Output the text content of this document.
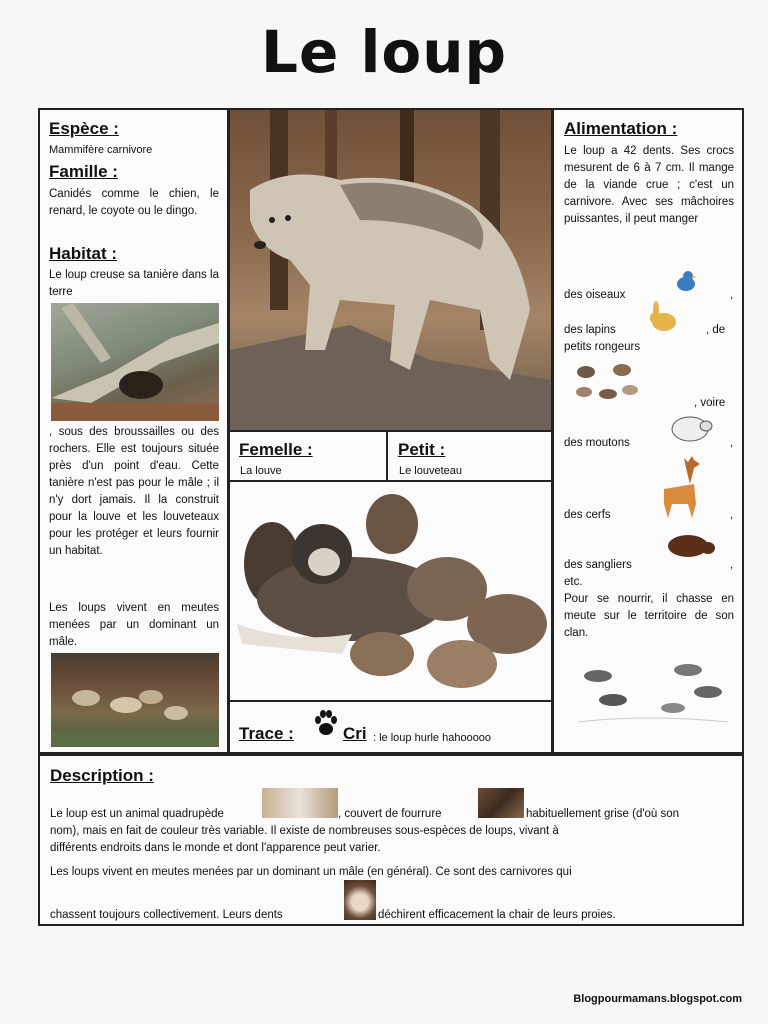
Le loup
Espèce :
Mammifère carnivore
Famille :
Canidés comme le chien, le renard, le coyote ou le dingo.
Habitat :
Le loup creuse sa tanière dans la terre
, sous des broussailles ou des rochers. Elle est toujours située près d'un point d'eau. Cette tanière n'est pas pour le mâle ; il n'y dort jamais. Il la construit pour la louve et les louveteaux pour les protéger et leurs fournir un habitat.
Les loups vivent en meutes menées par un dominant un mâle.
Femelle :
La louve
Petit :
Le louveteau
Trace :	Cri : le loup hurle hahooooo
Alimentation :
Le loup a 42 dents. Ses crocs mesurent de 6 à 7 cm. Il mange de la viande crue ; c'est un carnivore. Avec ses mâchoires puissantes, il peut manger
des oiseaux	,
des lapins	, de
petits rongeurs
, voire
des moutons	,
des cerfs	,
des sangliers	,
etc.
Pour se nourrir, il chasse en meute sur le territoire de son clan.
Description :
Le loup est un animal quadrupède	, couvert de fourrure	habituellement grise (d'où son
nom), mais en fait de couleur très variable. Il existe de nombreuses sous-espèces de loups, vivant à
différents endroits dans le monde et dont l'apparence peut varier.
Les loups vivent en meutes menées par un dominant un mâle (en général). Ce sont des carnivores qui
chassent toujours collectivement. Leurs dents	déchirent efficacement la chair de leurs proies.
Blogpourmamans.blogspot.com
